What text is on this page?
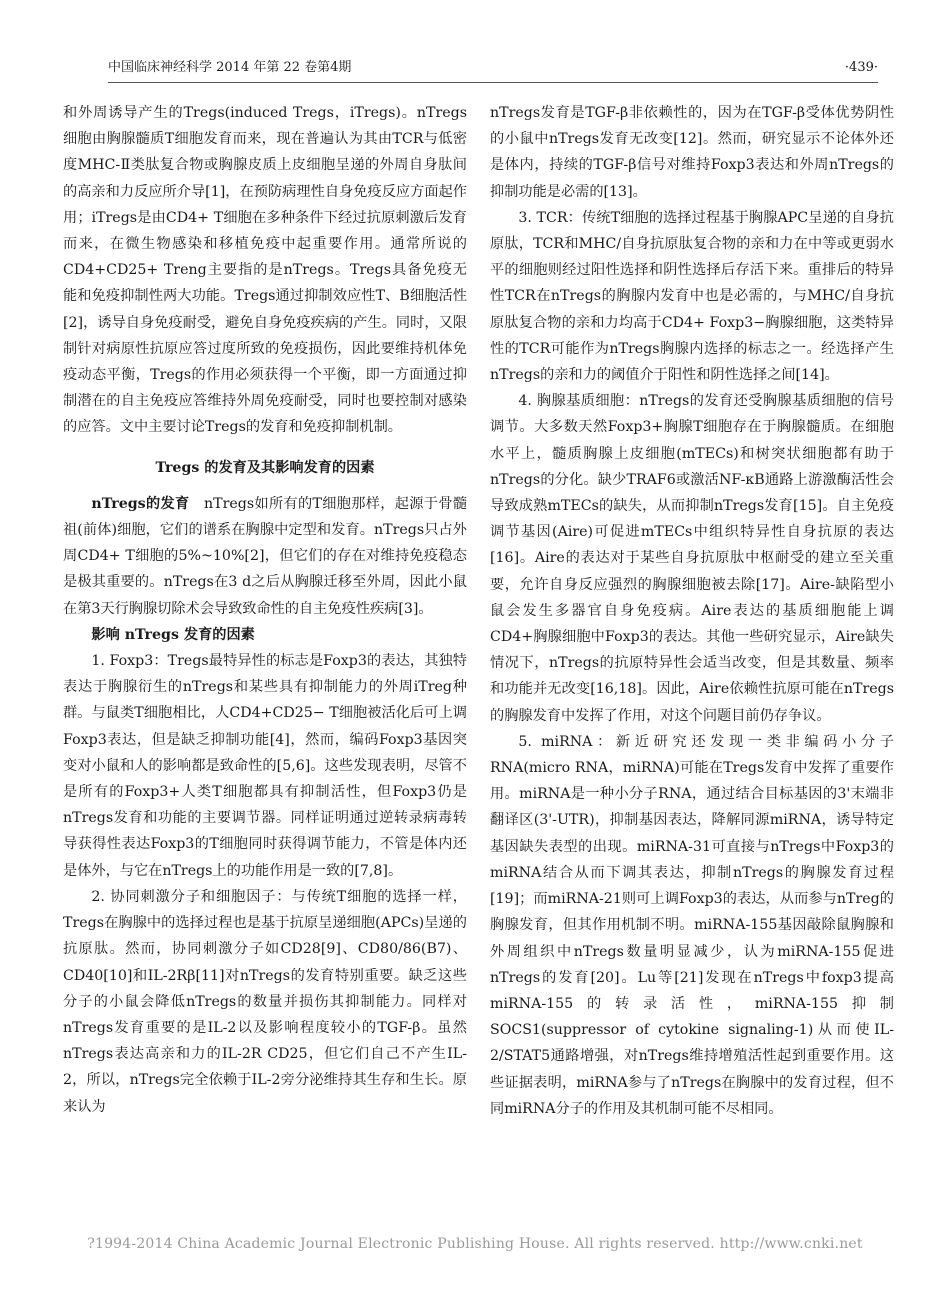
中国临床神经科学 2014 年第 22 卷第4期	·439·

和外周诱导产生的Tregs(induced Tregs，iTregs)。nTregs细胞由胸腺髓质T细胞发育而来，现在普遍认为其由TCR与低密度MHC-Ⅱ类肽复合物或胸腺皮质上皮细胞呈递的外周自身肽间的高亲和力反应所介导[1]，在预防病理性自身免疫反应方面起作用；iTregs是由CD4+ T细胞在多种条件下经过抗原刺激后发育而来，在微生物感染和移植免疫中起重要作用。通常所说的CD4+CD25+ Treng主要指的是nTregs。Tregs具备免疫无能和免疫抑制性两大功能。Tregs通过抑制效应性T、B细胞活性[2]，诱导自身免疫耐受，避免自身免疫疾病的产生。同时，又限制针对病原性抗原应答过度所致的免疫损伤，因此要维持机体免疫动态平衡，Tregs的作用必须获得一个平衡，即一方面通过抑制潜在的自主免疫应答维持外周免疫耐受，同时也要控制对感染的应答。文中主要讨论Tregs的发育和免疫抑制机制。

Tregs 的发育及其影响发育的因素

nTregs的发育 nTregs如所有的T细胞那样，起源于骨髓祖(前体)细胞，它们的谱系在胸腺中定型和发育。nTregs只占外周CD4+ T细胞的5%~10%[2]，但它们的存在对维持免疫稳态是极其重要的。nTregs在3 d之后从胸腺迁移至外周，因此小鼠在第3天行胸腺切除术会导致致命性的自主免疫性疾病[3]。

影响 nTregs 发育的因素

1. Foxp3：Tregs最特异性的标志是Foxp3的表达，其独特表达于胸腺衍生的nTregs和某些具有抑制能力的外周iTreg种群。与鼠类T细胞相比，人CD4+CD25− T细胞被活化后可上调Foxp3表达，但是缺乏抑制功能[4]，然而，编码Foxp3基因突变对小鼠和人的影响都是致命性的[5,6]。这些发现表明，尽管不是所有的Foxp3+人类T细胞都具有抑制活性，但Foxp3仍是nTregs发育和功能的主要调节器。同样证明通过逆转录病毒转导获得性表达Foxp3的T细胞同时获得调节能力，不管是体内还是体外，与它在nTregs上的功能作用是一致的[7,8]。

2. 协同刺激分子和细胞因子：与传统T细胞的选择一样，Tregs在胸腺中的选择过程也是基于抗原呈递细胞(APCs)呈递的抗原肽。然而，协同刺激分子如CD28[9]、CD80/86(B7)、CD40[10]和IL-2Rβ[11]对nTregs的发育特别重要。缺乏这些分子的小鼠会降低nTregs的数量并损伤其抑制能力。同样对nTregs发育重要的是IL-2以及影响程度较小的TGF-β。虽然nTregs表达高亲和力的IL-2R CD25，但它们自己不产生IL-2，所以，nTregs完全依赖于IL-2旁分泌维持其生存和生长。原来认为

nTregs发育是TGF-β非依赖性的，因为在TGF-β受体优势阴性的小鼠中nTregs发育无改变[12]。然而，研究显示不论体外还是体内，持续的TGF-β信号对维持Foxp3表达和外周nTregs的抑制功能是必需的[13]。

3. TCR：传统T细胞的选择过程基于胸腺APC呈递的自身抗原肽，TCR和MHC/自身抗原肽复合物的亲和力在中等或更弱水平的细胞则经过阳性选择和阴性选择后存活下来。重排后的特异性TCR在nTregs的胸腺内发育中也是必需的，与MHC/自身抗原肽复合物的亲和力均高于CD4+ Foxp3−胸腺细胞，这类特异性的TCR可能作为nTregs胸腺内选择的标志之一。经选择产生nTregs的亲和力的阈值介于阳性和阴性选择之间[14]。

4. 胸腺基质细胞：nTregs的发育还受胸腺基质细胞的信号调节。大多数天然Foxp3+胸腺T细胞存在于胸腺髓质。在细胞水平上，髓质胸腺上皮细胞(mTECs)和树突状细胞都有助于nTregs的分化。缺少TRAF6或激活NF-κB通路上游激酶活性会导致成熟mTECs的缺失，从而抑制nTregs发育[15]。自主免疫调节基因(Aire)可促进mTECs中组织特异性自身抗原的表达[16]。Aire的表达对于某些自身抗原肽中枢耐受的建立至关重要，允许自身反应强烈的胸腺细胞被去除[17]。Aire-缺陷型小鼠会发生多器官自身免疫病。Aire表达的基质细胞能上调CD4+胸腺细胞中Foxp3的表达。其他一些研究显示，Aire缺失情况下，nTregs的抗原特异性会适当改变，但是其数量、频率和功能并无改变[16,18]。因此，Aire依赖性抗原可能在nTregs的胸腺发育中发挥了作用，对这个问题目前仍存争议。

5. miRNA：新近研究还发现一类非编码小分子RNA(micro RNA，miRNA)可能在Tregs发育中发挥了重要作用。miRNA是一种小分子RNA，通过结合目标基因的3'末端非翻译区(3'-UTR)，抑制基因表达，降解同源miRNA，诱导特定基因缺失表型的出现。miRNA-31可直接与nTregs中Foxp3的miRNA结合从而下调其表达，抑制nTregs的胸腺发育过程[19]；而miRNA-21则可上调Foxp3的表达，从而参与nTreg的胸腺发育，但其作用机制不明。miRNA-155基因敲除鼠胸腺和外周组织中nTregs数量明显减少，认为miRNA-155促进nTregs的发育[20]。Lu等[21]发现在nTregs中foxp3提高miRNA-155的转录活性，miRNA-155抑制SOCS1(suppressor of cytokine signaling-1)从而使IL-2/STAT5通路增强，对nTregs维持增殖活性起到重要作用。这些证据表明，miRNA参与了nTregs在胸腺中的发育过程，但不同miRNA分子的作用及其机制可能不尽相同。

?1994-2014 China Academic Journal Electronic Publishing House. All rights reserved. http://www.cnki.net
